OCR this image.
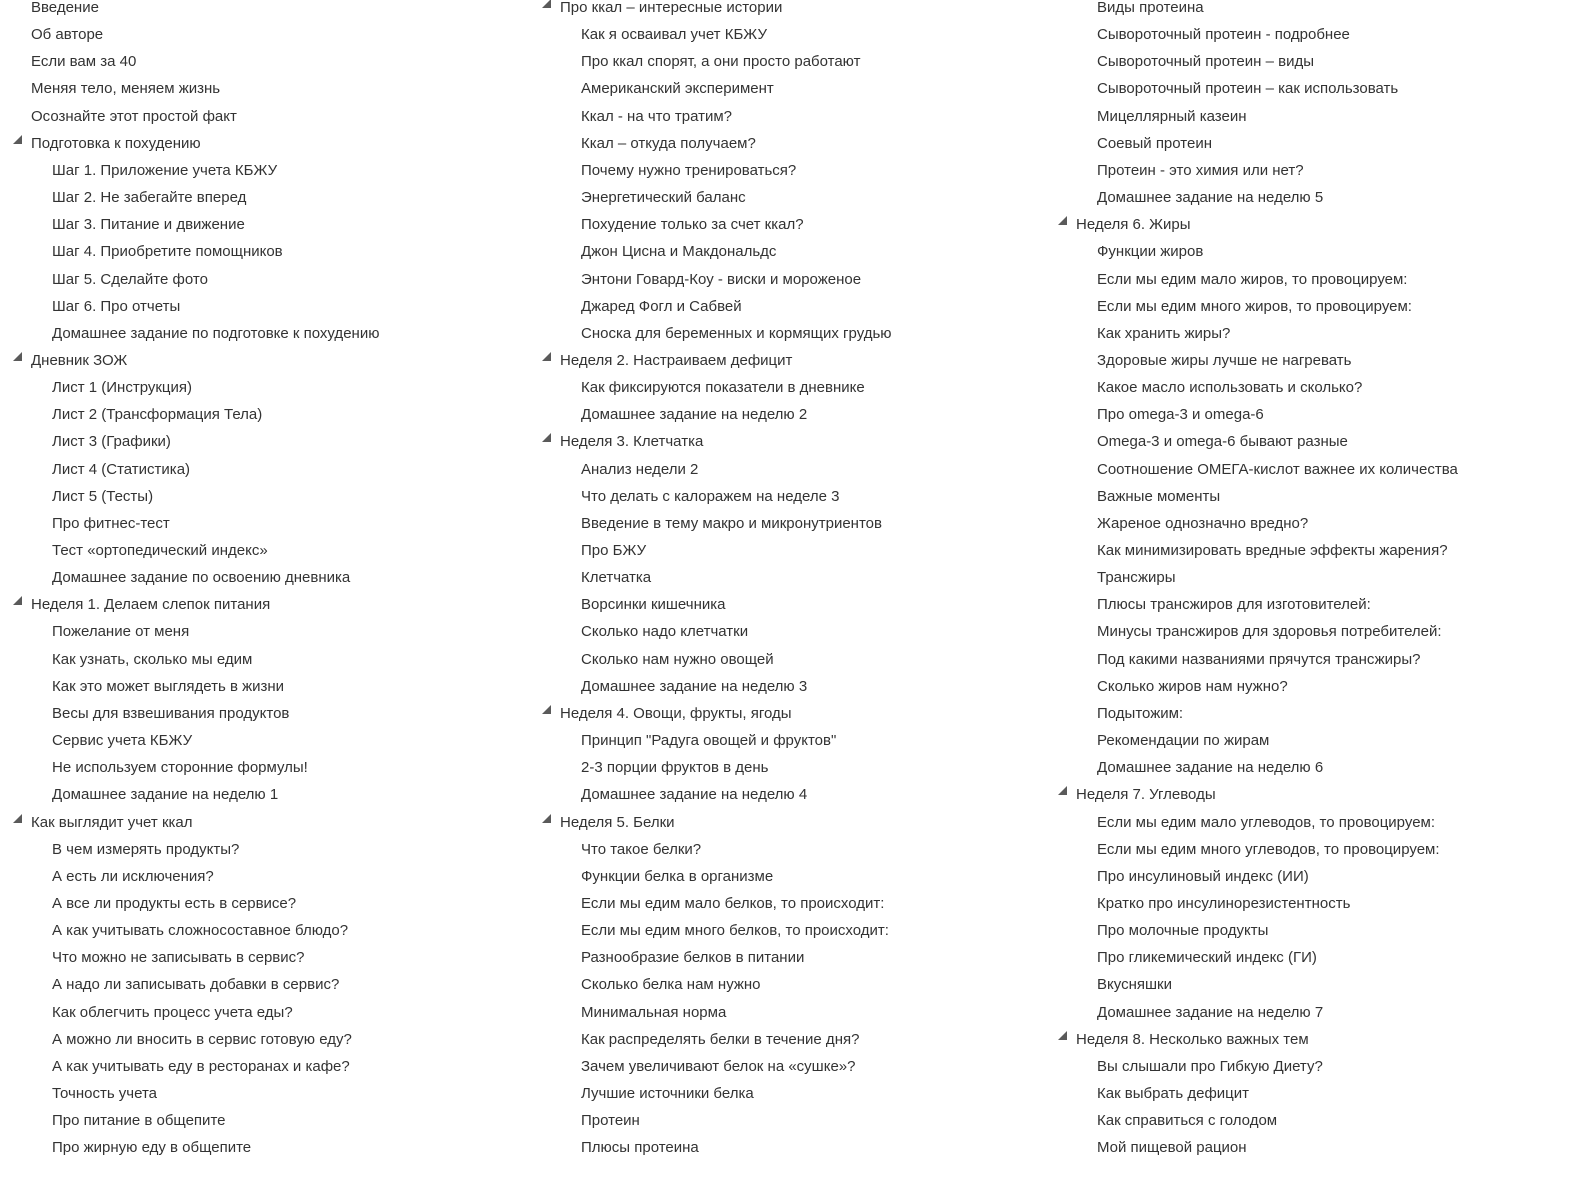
Введение
Об авторе
Если вам за 40
Меняя тело, меняем жизнь
Осознайте этот простой факт
Подготовка к похудению
Шаг 1. Приложение учета КБЖУ
Шаг 2. Не забегайте вперед
Шаг 3. Питание и движение
Шаг 4. Приобретите помощников
Шаг 5. Сделайте фото
Шаг 6. Про отчеты
Домашнее задание по подготовке к похудению
Дневник ЗОЖ
Лист 1 (Инструкция)
Лист 2 (Трансформация Тела)
Лист 3 (Графики)
Лист 4 (Статистика)
Лист 5 (Тесты)
Про фитнес-тест
Тест «ортопедический индекс»
Домашнее задание по освоению дневника
Неделя 1. Делаем слепок питания
Пожелание от меня
Как узнать, сколько мы едим
Как это может выглядеть в жизни
Весы для взвешивания продуктов
Сервис учета КБЖУ
Не используем сторонние формулы!
Домашнее задание на неделю 1
Как выглядит учет ккал
В чем измерять продукты?
А есть ли исключения?
А все ли продукты есть в сервисе?
А как учитывать сложносоставное блюдо?
Что можно не записывать в сервис?
А надо ли записывать добавки в сервис?
Как облегчить процесс учета еды?
А можно ли вносить в сервис готовую еду?
А как учитывать еду в ресторанах и кафе?
Точность учета
Про питание в общепите
Про жирную еду в общепите
Про ккал – интересные истории
Как я осваивал учет КБЖУ
Про ккал спорят, а они просто работают
Американский эксперимент
Ккал - на что тратим?
Ккал – откуда получаем?
Почему нужно тренироваться?
Энергетический баланс
Похудение только за счет ккал?
Джон Цисна и Макдональдс
Энтони Говард-Коу - виски и мороженое
Джаред Фогл и Сабвей
Сноска для беременных и кормящих грудью
Неделя 2. Настраиваем дефицит
Как фиксируются показатели в дневнике
Домашнее задание на неделю 2
Неделя 3. Клетчатка
Анализ недели 2
Что делать с калоражем на неделе 3
Введение в тему макро и микронутриентов
Про БЖУ
Клетчатка
Ворсинки кишечника
Сколько надо клетчатки
Сколько нам нужно овощей
Домашнее задание на неделю 3
Неделя 4. Овощи, фрукты, ягоды
Принцип "Радуга овощей и фруктов"
2-3 порции фруктов в день
Домашнее задание на неделю 4
Неделя 5. Белки
Что такое белки?
Функции белка в организме
Если мы едим мало белков, то происходит:
Если мы едим много белков, то происходит:
Разнообразие белков в питании
Сколько белка нам нужно
Минимальная норма
Как распределять белки в течение дня?
Зачем увеличивают белок на «сушке»?
Лучшие источники белка
Протеин
Плюсы протеина
Виды протеина
Сывороточный протеин - подробнее
Сывороточный протеин – виды
Сывороточный протеин – как использовать
Мицеллярный казеин
Соевый протеин
Протеин - это химия или нет?
Домашнее задание на неделю 5
Неделя 6. Жиры
Функции жиров
Если мы едим мало жиров, то провоцируем:
Если мы едим много жиров, то провоцируем:
Как хранить жиры?
Здоровые жиры лучше не нагревать
Какое масло использовать и сколько?
Про omega-3 и omega-6
Omega-3 и omega-6 бывают разные
Соотношение ОМЕГА-кислот важнее их количества
Важные моменты
Жареное однозначно вредно?
Как минимизировать вредные эффекты жарения?
Трансжиры
Плюсы трансжиров для изготовителей:
Минусы трансжиров для здоровья потребителей:
Под какими названиями прячутся трансжиры?
Сколько жиров нам нужно?
Подытожим:
Рекомендации по жирам
Домашнее задание на неделю 6
Неделя 7. Углеводы
Если мы едим мало углеводов, то провоцируем:
Если мы едим много углеводов, то провоцируем:
Про инсулиновый индекс (ИИ)
Кратко про инсулинорезистентность
Про молочные продукты
Про гликемический индекс (ГИ)
Вкусняшки
Домашнее задание на неделю 7
Неделя 8. Несколько важных тем
Вы слышали про Гибкую Диету?
Как выбрать дефицит
Как справиться с голодом
Мой пищевой рацион
